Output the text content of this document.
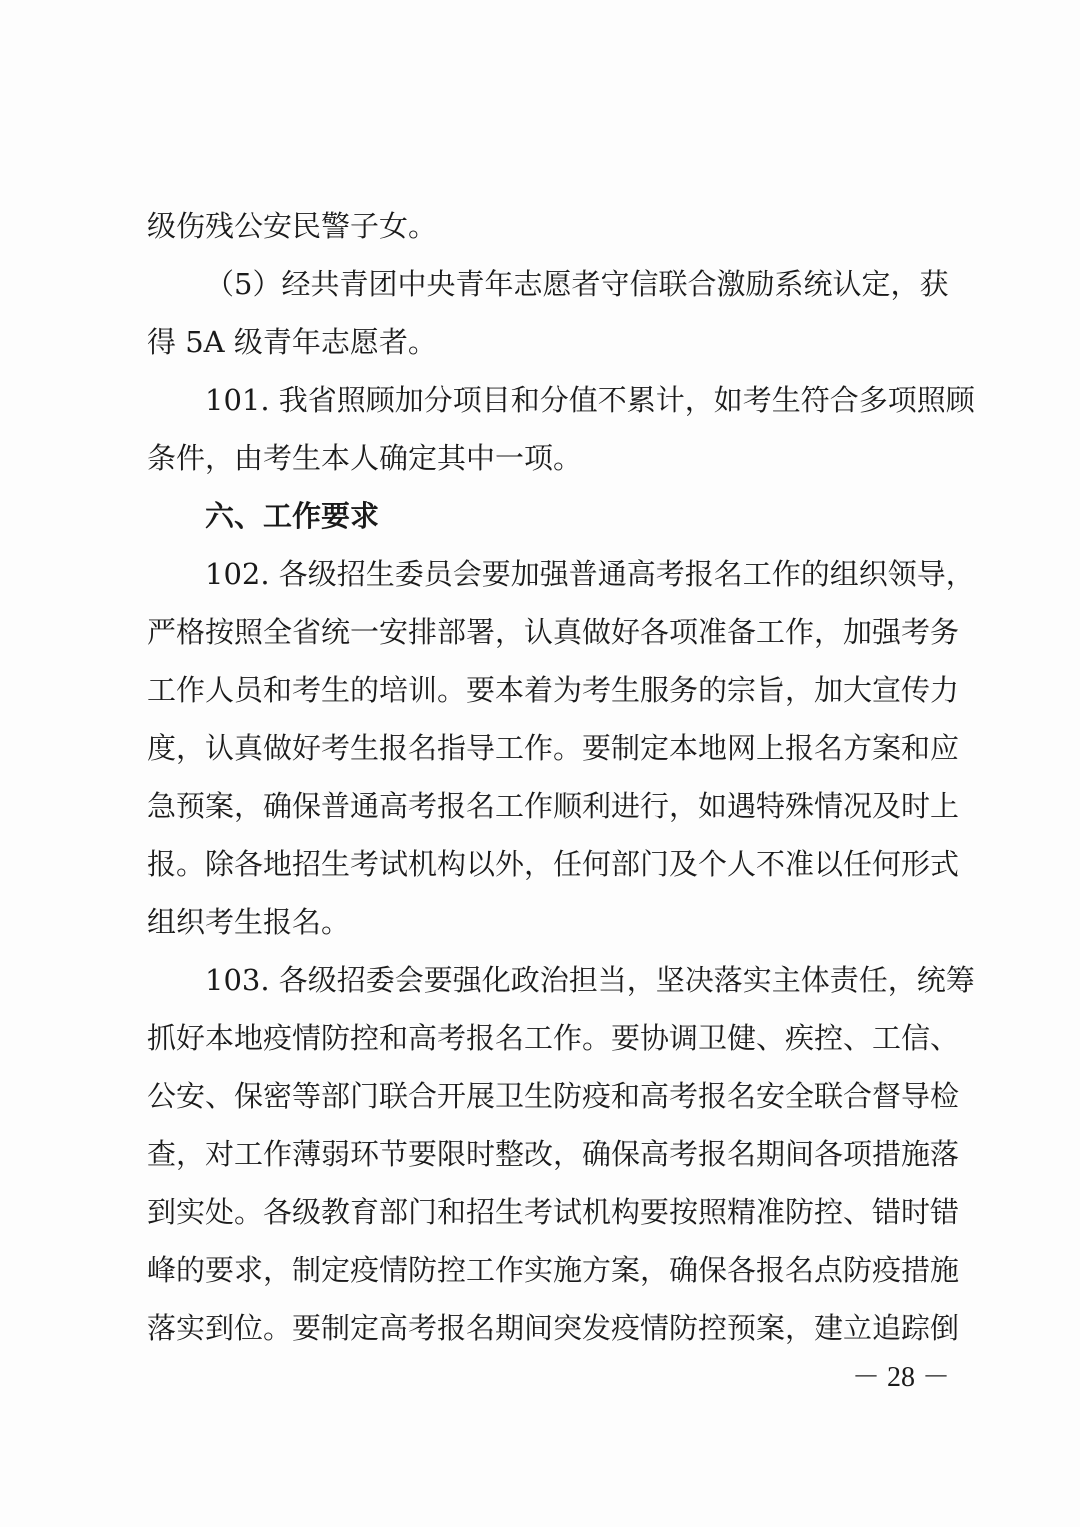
级伤残公安民警子女。
（5）经共青团中央青年志愿者守信联合激励系统认定，获
得 5A 级青年志愿者。
101. 我省照顾加分项目和分值不累计，如考生符合多项照顾
条件，由考生本人确定其中一项。
六、工作要求
102. 各级招生委员会要加强普通高考报名工作的组织领导，
严格按照全省统一安排部署，认真做好各项准备工作，加强考务
工作人员和考生的培训。要本着为考生服务的宗旨，加大宣传力
度，认真做好考生报名指导工作。要制定本地网上报名方案和应
急预案，确保普通高考报名工作顺利进行，如遇特殊情况及时上
报。除各地招生考试机构以外，任何部门及个人不准以任何形式
组织考生报名。
103. 各级招委会要强化政治担当，坚决落实主体责任，统筹
抓好本地疫情防控和高考报名工作。要协调卫健、疾控、工信、
公安、保密等部门联合开展卫生防疫和高考报名安全联合督导检
查，对工作薄弱环节要限时整改，确保高考报名期间各项措施落
到实处。各级教育部门和招生考试机构要按照精准防控、错时错
峰的要求，制定疫情防控工作实施方案，确保各报名点防疫措施
落实到位。要制定高考报名期间突发疫情防控预案，建立追踪倒
－ 28 －
